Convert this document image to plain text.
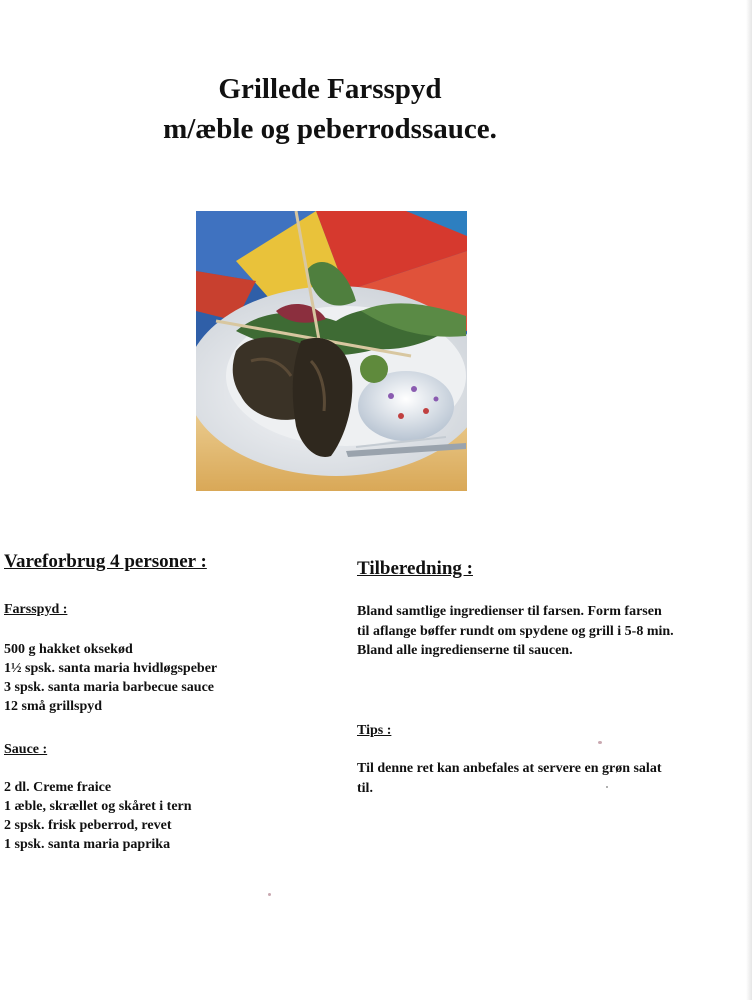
Grillede Farsspyd
m/æble og peberrodssauce.
Vareforbrug 4 personer :
Farsspyd :
500 g hakket oksekød
1½ spsk. santa maria hvidløgspeber
3 spsk. santa maria barbecue sauce
12 små grillspyd
Sauce :
2 dl. Creme fraice
1 æble, skrællet og skåret i tern
2 spsk. frisk peberrod, revet
1 spsk. santa maria paprika
Tilberedning :

Bland samtlige ingredienser til farsen. Form farsen til aflange bøffer rundt om spydene og grill i 5-8 min. Bland alle ingredienserne til saucen.

Tips :

Til denne ret kan anbefales at servere en grøn salat til.
